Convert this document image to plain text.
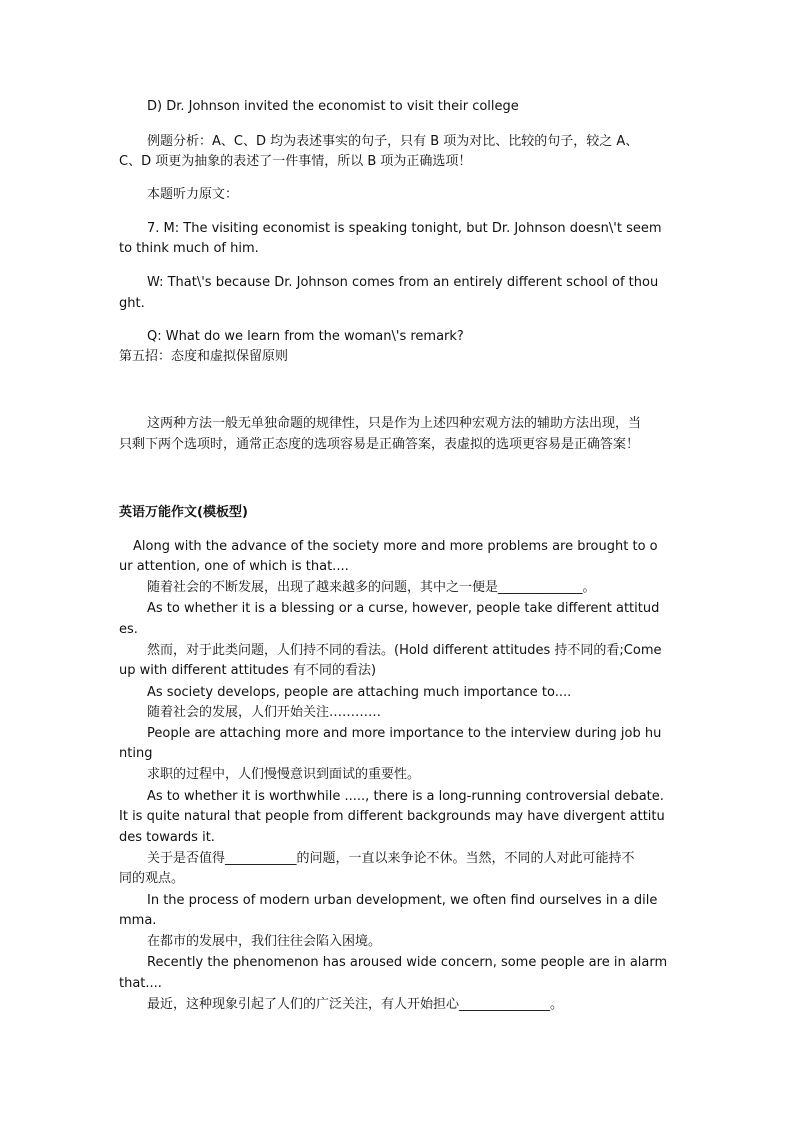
D) Dr. Johnson invited the economist to visit their college
例题分析：A、C、D 均为表述事实的句子，只有 B 项为对比、比较的句子，较之 A、
C、D 项更为抽象的表述了一件事情，所以 B 项为正确选项！
本题听力原文：
7. M: The visiting economist is speaking tonight, but Dr. Johnson doesn\'t seem
to think much of him.
W: That\'s because Dr. Johnson comes from an entirely different school of thou
ght.
Q: What do we learn from the woman\'s remark?
第五招：态度和虚拟保留原则
这两种方法一般无单独命题的规律性，只是作为上述四种宏观方法的辅助方法出现，当
只剩下两个选项时，通常正态度的选项容易是正确答案，表虚拟的选项更容易是正确答案！
英语万能作文(模板型)
Along with the advance of the society more and more problems are brought to o
ur attention, one of which is that....
随着社会的不断发展，出现了越来越多的问题，其中之一便是_____________。
As to whether it is a blessing or a curse, however, people take different attitud
es.
然而，对于此类问题，人们持不同的看法。(Hold different attitudes 持不同的看;Come
up with different attitudes 有不同的看法)
As society develops, people are attaching much importance to....
随着社会的发展，人们开始关注…………
People are attaching more and more importance to the interview during job hu
nting
求职的过程中，人们慢慢意识到面试的重要性。
As to whether it is worthwhile ....., there is a long-running controversial debate.
It is quite natural that people from different backgrounds may have divergent attitu
des towards it.
关于是否值得___________的问题，一直以来争论不休。当然，不同的人对此可能持不
同的观点。
In the process of modern urban development, we often find ourselves in a dile
mma.
在都市的发展中，我们往往会陷入困境。
Recently the phenomenon has aroused wide concern, some people are in alarm
that....
最近，这种现象引起了人们的广泛关注，有人开始担心______________。
